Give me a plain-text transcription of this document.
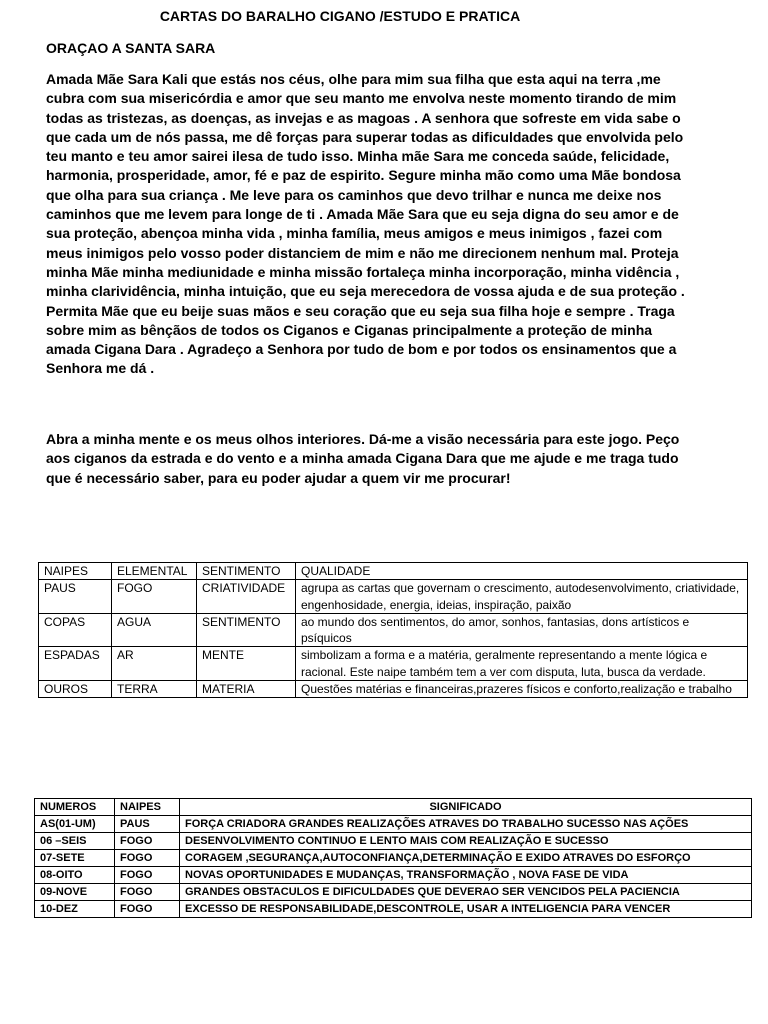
CARTAS DO BARALHO CIGANO /ESTUDO E PRATICA
ORAÇAO A SANTA SARA

Amada Mãe Sara Kali que estás nos céus, olhe para mim sua filha que esta aqui na terra ,me cubra com sua misericórdia e amor que seu manto me envolva neste momento tirando de mim todas as tristezas, as doenças, as invejas e as magoas . A senhora que sofreste em vida sabe o que cada um de nós passa, me dê forças para superar todas as dificuldades que envolvida pelo teu manto e teu amor sairei ilesa de tudo isso. Minha mãe Sara me conceda saúde, felicidade, harmonia, prosperidade, amor, fé e paz de espirito. Segure minha mão como uma Mãe bondosa que olha para sua criança . Me leve para os caminhos que devo trilhar e nunca me deixe nos caminhos que me levem para longe de ti . Amada Mãe Sara que eu seja digna do seu amor e de sua proteção, abençoa minha vida , minha família, meus amigos e meus inimigos , fazei com meus inimigos pelo vosso poder distanciem de mim e não me direcionem nenhum mal. Proteja minha Mãe minha mediunidade e minha missão fortaleça minha incorporação, minha vidência , minha clarividência, minha intuição, que eu seja merecedora de vossa ajuda e de sua proteção . Permita Mãe que eu beije suas mãos e seu coração que eu seja sua filha hoje e sempre . Traga sobre mim as bênçãos de todos os Ciganos e Ciganas principalmente a proteção de minha amada Cigana Dara . Agradeço a Senhora por tudo de bom e por todos os ensinamentos que a Senhora me dá .

Abra a minha mente e os meus olhos interiores. Dá-me a visão necessária para este jogo. Peço aos ciganos da estrada e do vento e a minha amada Cigana Dara que me ajude e me traga tudo que é necessário saber, para eu poder ajudar a quem vir me procurar!

NAIPES	ELEMENTAL	SENTIMENTO	QUALIDADE
PAUS	FOGO	CRIATIVIDADE	agrupa as cartas que governam o crescimento, autodesenvolvimento, criatividade, engenhosidade, energia, ideias, inspiração, paixão
COPAS	AGUA	SENTIMENTO	ao mundo dos sentimentos, do amor, sonhos, fantasias, dons artísticos e psíquicos
ESPADAS	AR	MENTE	simbolizam a forma e a matéria, geralmente representando a mente lógica e racional. Este naipe também tem a ver com disputa, luta, busca da verdade.
OUROS	TERRA	MATERIA	Questões matérias e financeiras,prazeres físicos e conforto,realização e trabalho
NUMEROS	NAIPES	SIGNIFICADO
AS(01-UM)	PAUS	FORÇA CRIADORA GRANDES REALIZAÇÕES ATRAVES DO TRABALHO SUCESSO NAS AÇÕES
06 –SEIS	FOGO	DESENVOLVIMENTO CONTINUO E LENTO MAIS COM REALIZAÇÃO E SUCESSO
07-SETE	FOGO	CORAGEM ,SEGURANÇA,AUTOCONFIANÇA,DETERMINAÇÃO E EXIDO ATRAVES DO ESFORÇO
08-OITO	FOGO	NOVAS OPORTUNIDADES E MUDANÇAS, TRANSFORMAÇÃO , NOVA FASE DE VIDA
09-NOVE	FOGO	GRANDES OBSTACULOS E DIFICULDADES QUE DEVERAO SER VENCIDOS PELA PACIENCIA
10-DEZ	FOGO	EXCESSO DE RESPONSABILIDADE,DESCONTROLE, USAR A INTELIGENCIA PARA VENCER
